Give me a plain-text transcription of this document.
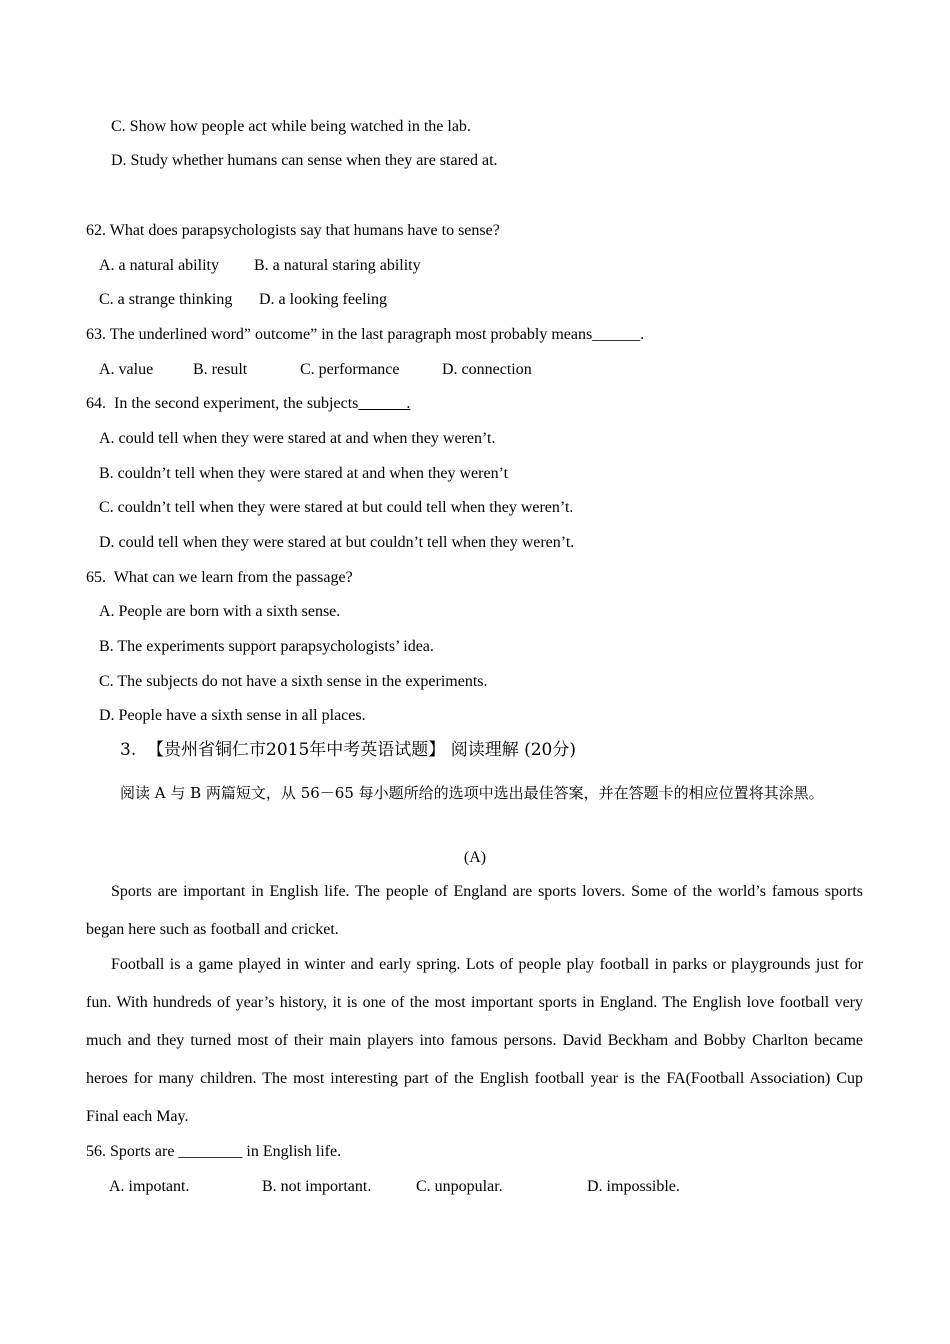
C. Show how people act while being watched in the lab.
D. Study whether humans can sense when they are stared at.
62. What does parapsychologists say that humans have to sense?
A. a natural ability B. a natural staring ability
C. a strange thinking D. a looking feeling
63. The underlined word” outcome” in the last paragraph most probably means______.
A. value B. result	C. performance	D. connection
64.  In the second experiment, the subjects______.
A. could tell when they were stared at and when they weren’t.
B. couldn’t tell when they were stared at and when they weren’t
C. couldn’t tell when they were stared at but could tell when they weren’t.
D. could tell when they were stared at but couldn’t tell when they weren’t.
65.  What can we learn from the passage?
A. People are born with a sixth sense.
B. The experiments support parapsychologists’ idea.
C. The subjects do not have a sixth sense in the experiments.
D. People have a sixth sense in all places.
3.  【贵州省铜仁市2015年中考英语试题】 阅读理解 (20分)
阅读 A 与 B 两篇短文，从 56－65 每小题所给的选项中选出最佳答案，并在答题卡的相应位置将其涂黑。
(A)
Sports are important in English life. The people of England are sports lovers. Some of the world’s famous sports began here such as football and cricket.
Football is a game played in winter and early spring. Lots of people play football in parks or playgrounds just for fun. With hundreds of year’s history, it is one of the most important sports in England. The English love football very much and they turned most of their main players into famous persons. David Beckham and Bobby Charlton became heroes for many children. The most interesting part of the English football year is the FA(Football Association) Cup Final each May.
56. Sports are ________ in English life.
A. impotant.	B. not important.	C. unpopular.	D. impossible.
